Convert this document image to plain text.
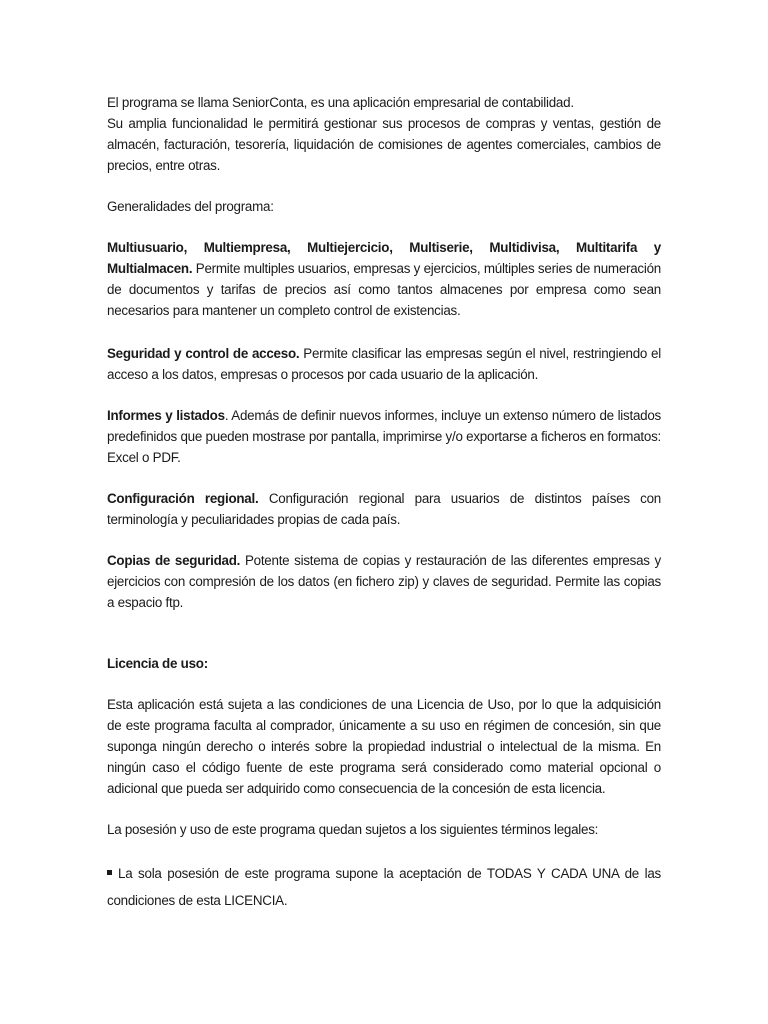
El programa se llama SeniorConta, es una aplicación empresarial de contabilidad.

Su amplia funcionalidad le permitirá gestionar sus procesos de compras y ventas, gestión de almacén, facturación, tesorería, liquidación de comisiones de agentes comerciales, cambios de precios, entre otras.

Generalidades del programa:

Multiusuario, Multiempresa, Multiejercicio, Multiserie, Multidivisa, Multitarifa y Multialmacen. Permite multiples usuarios, empresas y ejercicios, múltiples series de numeración de documentos y tarifas de precios así como tantos almacenes por empresa como sean necesarios para mantener un completo control de existencias.

Seguridad y control de acceso. Permite clasificar las empresas según el nivel, restringiendo el acceso a los datos, empresas o procesos por cada usuario de la aplicación.

Informes y listados. Además de definir nuevos informes, incluye un extenso número de listados predefinidos que pueden mostrase por pantalla, imprimirse y/o exportarse a ficheros en formatos: Excel o PDF.

Configuración regional. Configuración regional para usuarios de distintos países con terminología y peculiaridades propias de cada país.

Copias de seguridad. Potente sistema de copias y restauración de las diferentes empresas y ejercicios con compresión de los datos (en fichero zip) y claves de seguridad. Permite las copias a espacio ftp.

Licencia de uso:

Esta aplicación está sujeta a las condiciones de una Licencia de Uso, por lo que la adquisición de este programa faculta al comprador, únicamente a su uso en régimen de concesión, sin que suponga ningún derecho o interés sobre la propiedad industrial o intelectual de la misma. En ningún caso el código fuente de este programa será considerado como material opcional o adicional que pueda ser adquirido como consecuencia de la concesión de esta licencia.

La posesión y uso de este programa quedan sujetos a los siguientes términos legales:

La sola posesión de este programa supone la aceptación de TODAS Y CADA UNA de las condiciones de esta LICENCIA.
